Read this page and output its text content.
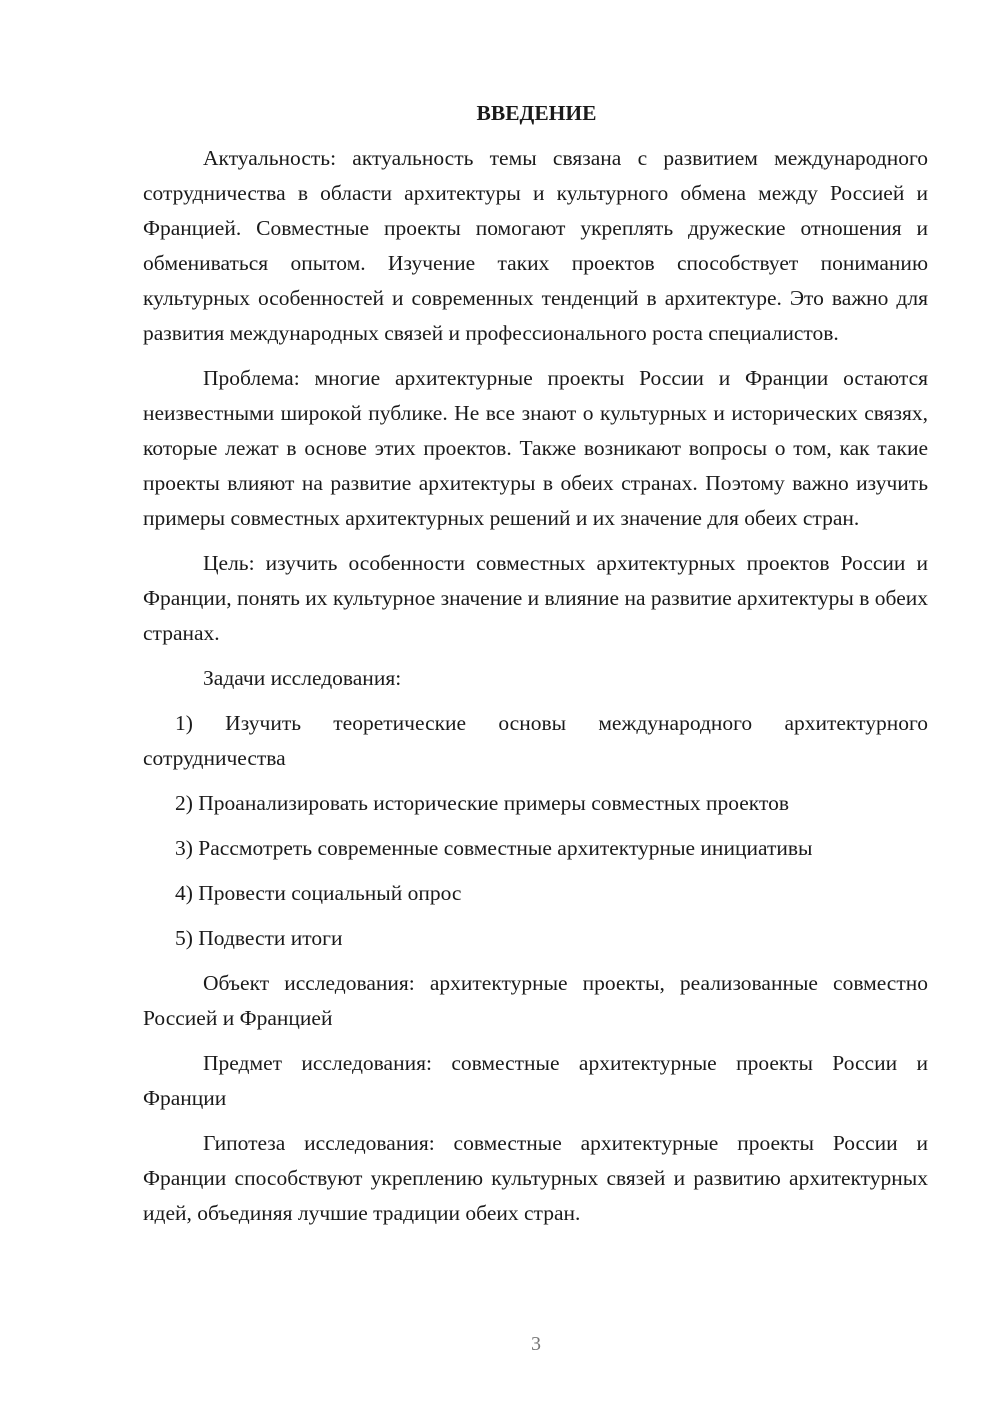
ВВЕДЕНИЕ

Актуальность: актуальность темы связана с развитием международного сотрудничества в области архитектуры и культурного обмена между Россией и Францией. Совместные проекты помогают укреплять дружеские отношения и обмениваться опытом. Изучение таких проектов способствует пониманию культурных особенностей и современных тенденций в архитектуре. Это важно для развития международных связей и профессионального роста специалистов.

Проблема: многие архитектурные проекты России и Франции остаются неизвестными широкой публике. Не все знают о культурных и исторических связях, которые лежат в основе этих проектов. Также возникают вопросы о том, как такие проекты влияют на развитие архитектуры в обеих странах. Поэтому важно изучить примеры совместных архитектурных решений и их значение для обеих стран.

Цель: изучить особенности совместных архитектурных проектов России и Франции, понять их культурное значение и влияние на развитие архитектуры в обеих странах.

Задачи исследования:

1) Изучить теоретические основы международного архитектурного сотрудничества

2) Проанализировать исторические примеры совместных проектов

3) Рассмотреть современные совместные архитектурные инициативы

4) Провести социальный опрос

5) Подвести итоги

Объект исследования: архитектурные проекты, реализованные совместно Россией и Францией

Предмет исследования: совместные архитектурные проекты России и Франции

Гипотеза исследования: совместные архитектурные проекты России и Франции способствуют укреплению культурных связей и развитию архитектурных идей, объединяя лучшие традиции обеих стран.

3
